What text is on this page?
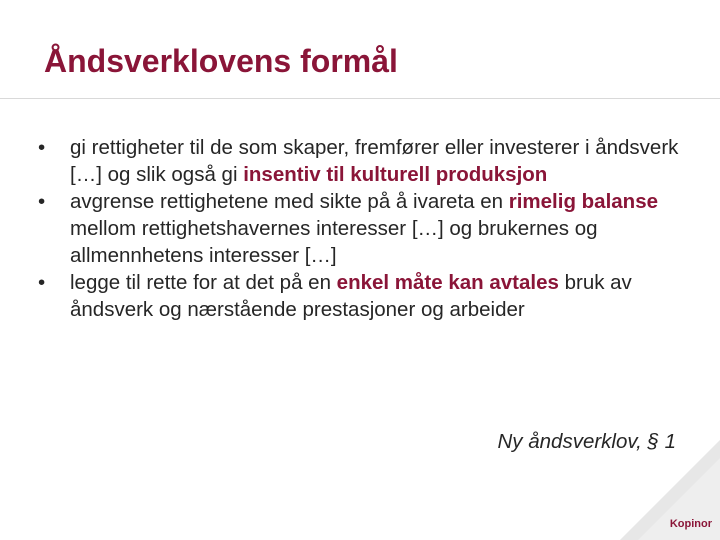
Åndsverklovens formål
•	gi rettigheter til de som skaper, fremfører eller investerer i åndsverk […] og slik også gi insentiv til kulturell produksjon
•	avgrense rettighetene med sikte på å ivareta en rimelig balanse mellom rettighetshavernes interesser […] og brukernes og allmennhetens interesser […]
•	legge til rette for at det på en enkel måte kan avtales bruk av åndsverk og nærstående prestasjoner og arbeider
Ny åndsverklov, § 1
Kopinor
